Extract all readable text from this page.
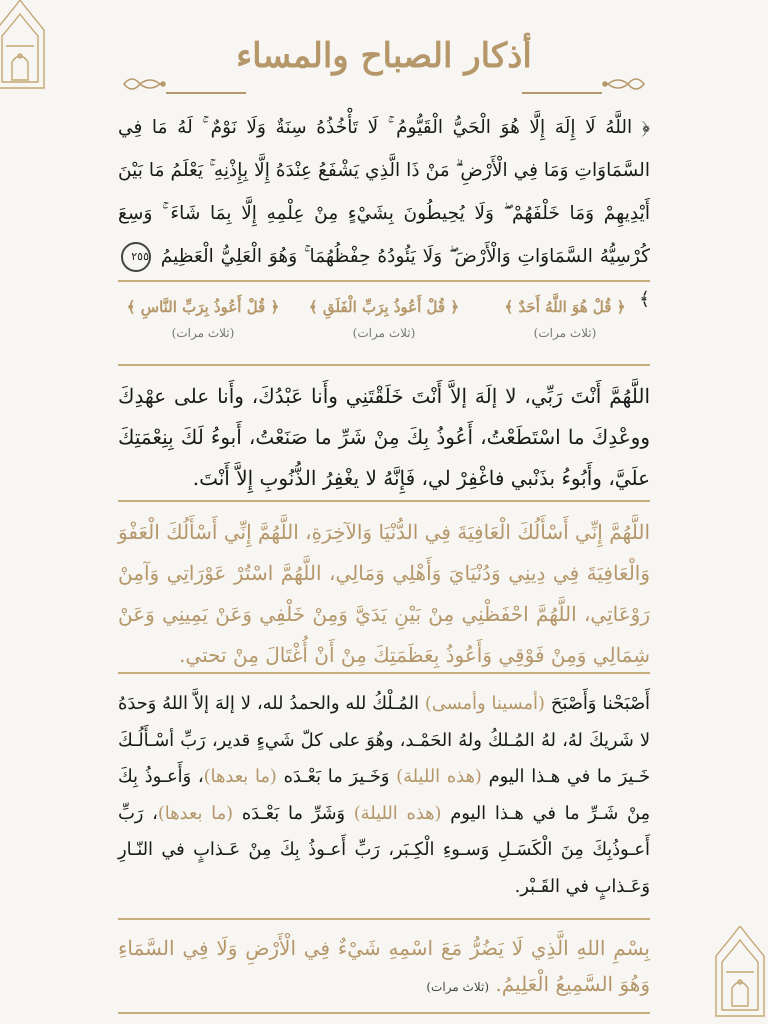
أذكار الصباح والمساء
﴿ اللَّهُ لَا إِلَهَ إِلَّا هُوَ الْحَيُّ الْقَيُّومُ ۚ لَا تَأْخُذُهُ سِنَةٌ وَلَا نَوْمٌ ۚ لَهُ مَا فِي السَّمَاوَاتِ وَمَا فِي الْأَرْضِ ۗ مَنْ ذَا الَّذِي يَشْفَعُ عِنْدَهُ إِلَّا بِإِذْنِهِ ۚ يَعْلَمُ مَا بَيْنَ أَيْدِيهِمْ وَمَا خَلْفَهُمْ ۖ وَلَا يُحِيطُونَ بِشَيْءٍ مِنْ عِلْمِهِ إِلَّا بِمَا شَاءَ ۚ وَسِعَ كُرْسِيُّهُ السَّمَاوَاتِ وَالْأَرْضَ ۖ وَلَا يَئُودُهُ حِفْظُهُمَا ۚ وَهُوَ الْعَلِيُّ الْعَظِيمُ ٢٥٥ ﴾
﴿ قُلْ هُوَ اللَّهُ أَحَدٌ ﴾
(ثلاث مرات)
﴿ قُلْ أَعُوذُ بِرَبِّ الْفَلَقِ ﴾
(ثلاث مرات)
﴿ قُلْ أَعُوذُ بِرَبِّ النَّاسِ ﴾
(ثلاث مرات)
اللَّهُمَّ أَنْتَ رَبِّي، لا إلَهَ إلاَّ أَنْتَ خَلَقْتَنِي وأَنا عَبْدُكَ، وأَنا على عهْدِكَ ووعْدِكَ ما اسْتَطَعْتُ، أَعُوذُ بِكَ مِنْ شَرِّ ما صَنَعْتُ، أَبوءُ لَكَ بِنِعْمَتِكَ علَيَّ، وأَبُوءُ بذَنْبي فاغْفِرْ لي، فَإِنَّهُ لا يغْفِرُ الذُّنُوبِ إِلاَّ أَنْتَ.
اللَّهُمَّ إِنِّي أَسْأَلُكَ الْعَافِيَةَ فِي الدُّنْيَا وَالآخِرَةِ، اللَّهُمَّ إِنِّي أَسْأَلُكَ الْعَفْوَ وَالْعَافِيَةَ فِي دِينِي وَدُنْيَايَ وَأَهْلِي وَمَالِي، اللَّهُمَّ اسْتُرْ عَوْرَاتِي وَآمِنْ رَوْعَاتِي، اللَّهُمَّ احْفَظْنِي مِنْ بَيْنِ يَدَيَّ وَمِنْ خَلْفِي وَعَنْ يَمِينِي وَعَنْ شِمَالِي وَمِنْ فَوْقِي وَأَعُوذُ بِعَظَمَتِكَ مِنْ أَنْ أُغْتَالَ مِنْ تحتي.
أَصْبَحْنا وَأَصْبَحَ (أمسينا وأمسى) المُـلْكُ لله والحمدُ لله، لا إلهَ إلاَّ اللهُ وَحدَهُ لا شَريكَ لهُ، لهُ المُـلكُ ولهُ الحَمْـد، وهُوَ على كلّ شَيءٍ قدير، رَبِّ أسْـأَلُـكَ خَـيرَ ما في هـذا اليوم (هذه الليلة) وَخَـيرَ ما بَعْـدَه (ما بعدها)، وَأَعـوذُ بِكَ مِنْ شَـرِّ ما في هـذا اليوم (هذه الليلة) وَشَرِّ ما بَعْـدَه (ما بعدها)، رَبِّ أَعـوذُبِكَ مِنَ الْكَسَـلِ وَسـوءِ الْكِـبَر، رَبِّ أَعـوذُ بِكَ مِنْ عَـذابٍ في النّـارِ وَعَـذابٍ في القَـبْر.
بِسْمِ اللهِ الَّذِي لَا يَضُرُّ مَعَ اسْمِهِ شَيْءٌ فِي الْأَرْضِ وَلَا فِي السَّمَاءِ وَهُوَ السَّمِيعُ الْعَلِيمُ. (ثلاث مرات)
